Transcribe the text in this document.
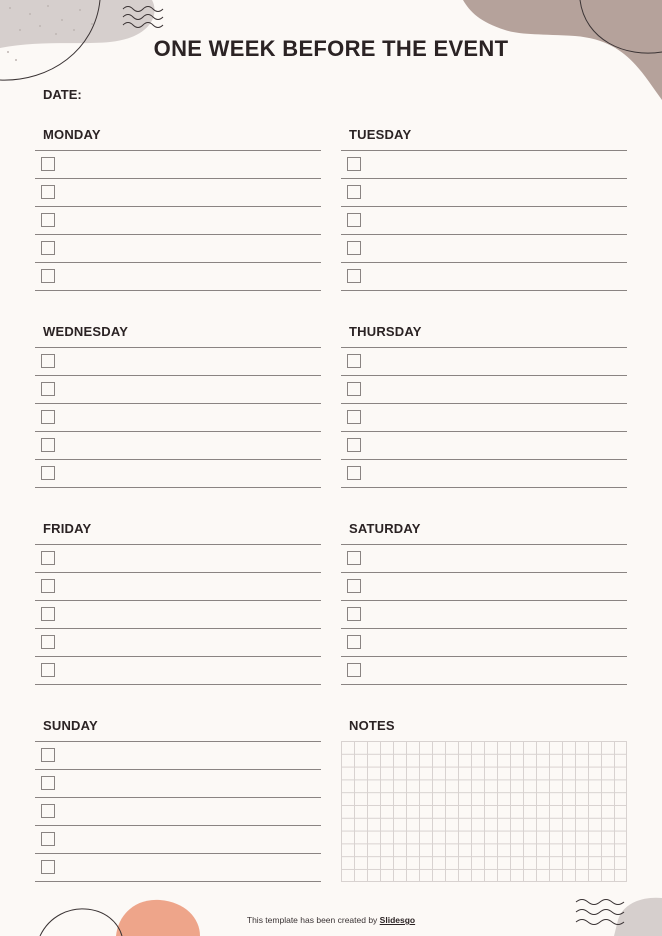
ONE WEEK BEFORE THE EVENT
DATE:
MONDAY	TUESDAY
WEDNESDAY	THURSDAY
FRIDAY	SATURDAY
SUNDAY	NOTES
This template has been created by Slidesgo
